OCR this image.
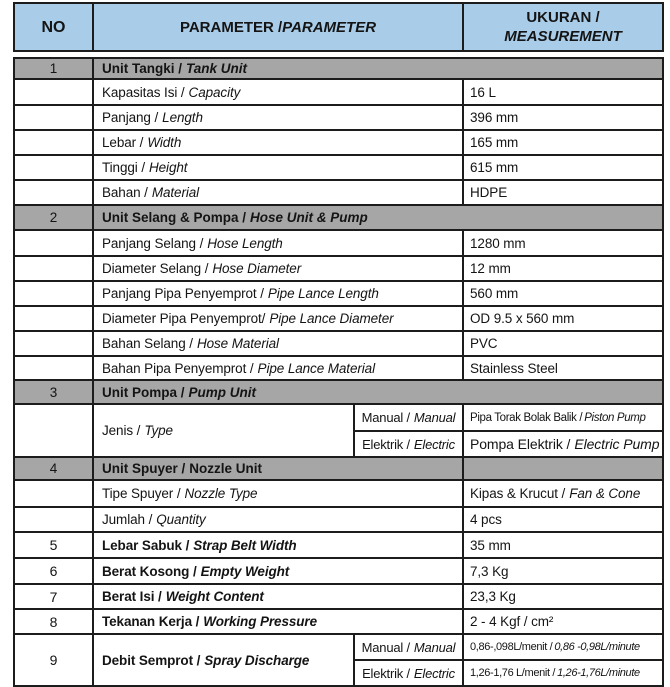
NO	PARAMETER /PARAMETER		UKURAN /
MEASUREMENT

1	Unit Tangki / Tank Unit		
	Kapasitas Isi / Capacity		16 L
	Panjang / Length		396 mm
	Lebar / Width		165 mm
	Tinggi / Height		615 mm
	Bahan / Material		HDPE
2	Unit Selang & Pompa / Hose Unit & Pump		
	Panjang Selang / Hose Length		1280 mm
	Diameter Selang / Hose Diameter		12 mm
	Panjang Pipa Penyemprot / Pipe Lance Length		560 mm
	Diameter Pipa Penyemprot/ Pipe Lance Diameter		OD 9.5 x 560 mm
	Bahan Selang / Hose Material		PVC
	Bahan Pipa Penyemprot / Pipe Lance Material		Stainless Steel
3	Unit Pompa / Pump Unit		
	Jenis / Type	Manual / Manual	Pipa Torak Bolak Balik / Piston Pump
		Elektrik / Electric	Pompa Elektrik / Electric Pump
4	Unit Spuyer / Nozzle Unit		
	Tipe Spuyer / Nozzle Type		Kipas & Krucut / Fan & Cone
	Jumlah / Quantity		4 pcs
5	Lebar Sabuk / Strap Belt Width		35 mm
6	Berat Kosong / Empty Weight		7,3 Kg
7	Berat Isi / Weight Content		23,3 Kg
8	Tekanan Kerja / Working Pressure		2 - 4 Kgf / cm²
9	Debit Semprot / Spray Discharge	Manual / Manual	0,86-,098L/menit / 0,86 -0,98L/minute
		Elektrik / Electric	1,26-1,76 L/menit / 1,26-1,76L/minute
